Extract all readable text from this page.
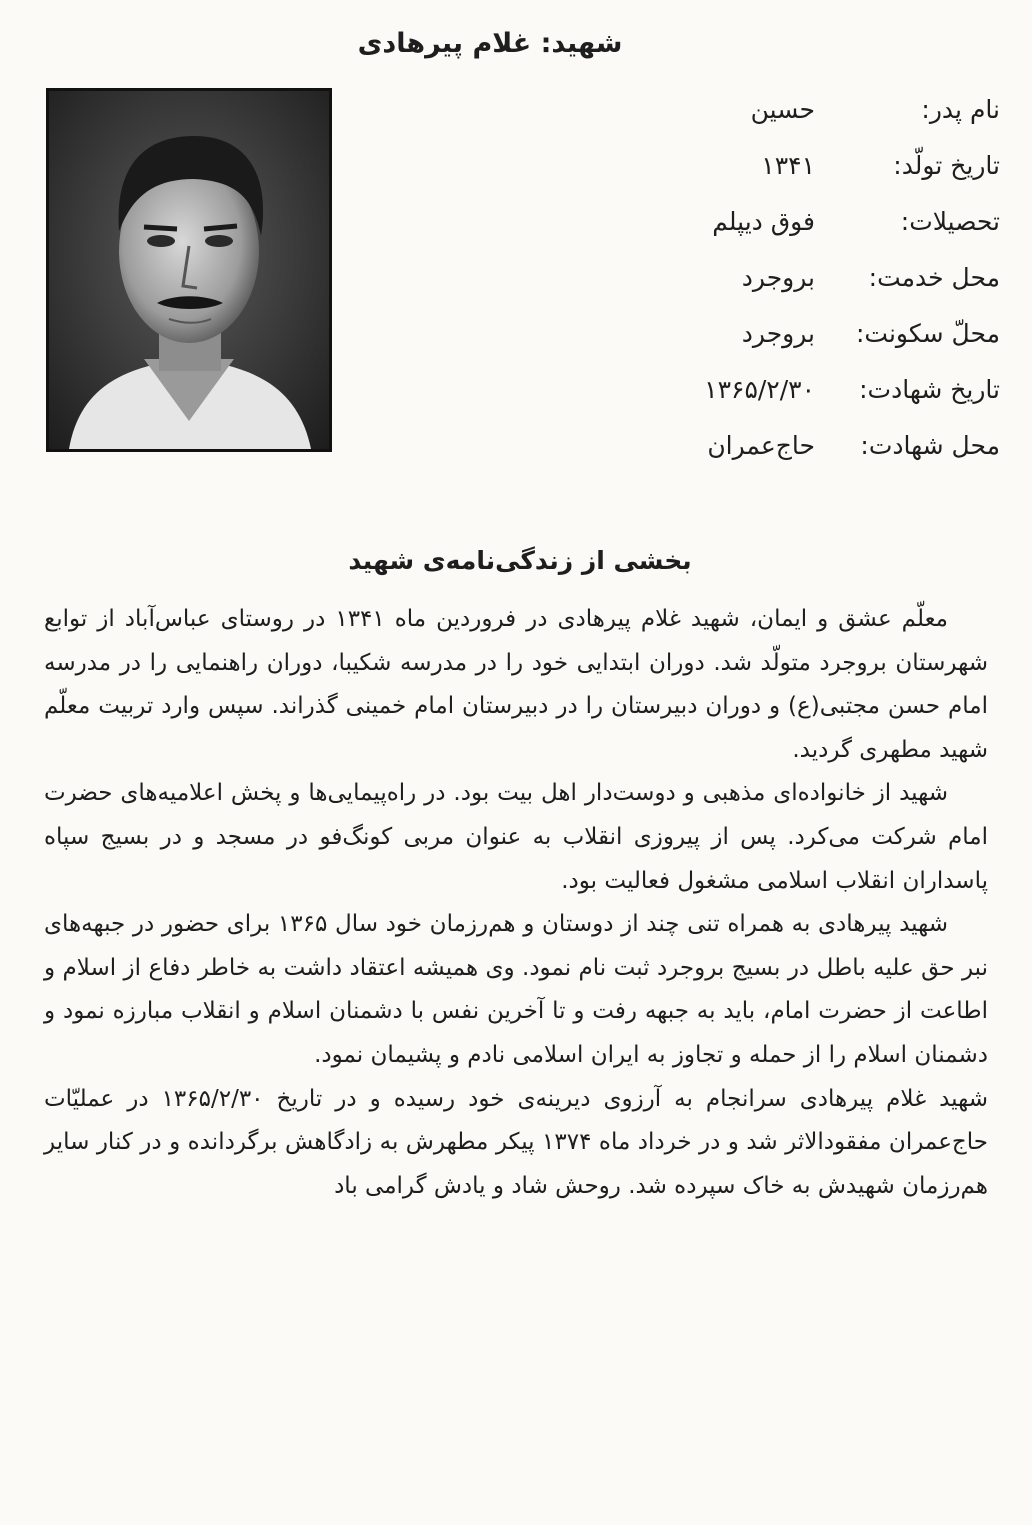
شهید: غلام پیرهادی
نام پدر:حسین
تاریخ تولّد:۱۳۴۱
تحصیلات:فوق دیپلم
محل خدمت:بروجرد
محلّ سکونت:بروجرد
تاریخ شهادت:۱۳۶۵/۲/۳۰
محل شهادت:حاج‌عمران
بخشی از زندگی‌نامه‌ی شهید

معلّم عشق و ایمان، شهید غلام پیرهادی در فروردین ماه ۱۳۴۱ در روستای عباس‌آباد از توابع شهرستان بروجرد متولّد شد. دوران ابتدایی خود را در مدرسه شکیبا، دوران راهنمایی را در مدرسه امام حسن مجتبی(ع) و دوران دبیرستان را در دبیرستان امام خمینی گذراند. سپس وارد تربیت معلّم شهید مطهری گردید.

شهید از خانواده‌ای مذهبی و دوست‌دار اهل بیت بود. در راه‌پیمایی‌ها و پخش اعلامیه‌های حضرت امام شرکت می‌کرد. پس از پیروزی انقلاب به عنوان مربی کونگ‌فو در مسجد و در بسیج سپاه پاسداران انقلاب اسلامی مشغول فعالیت بود.

شهید پیرهادی به همراه تنی چند از دوستان و هم‌رزمان خود سال ۱۳۶۵ برای حضور در جبهه‌های نبر حق علیه باطل در بسیج بروجرد ثبت نام نمود. وی همیشه اعتقاد داشت به خاطر دفاع از اسلام و اطاعت از حضرت امام، باید به جبهه رفت و تا آخرین نفس با دشمنان اسلام و انقلاب مبارزه نمود و دشمنان اسلام را از حمله و تجاوز به ایران اسلامی نادم و پشیمان نمود.

شهید غلام پیرهادی سرانجام به آرزوی دیرینه‌ی خود رسیده و در تاریخ ۱۳۶۵/۲/۳۰ در عملیّات حاج‌عمران مفقودالاثر شد و در خرداد ماه ۱۳۷۴ پیکر مطهرش به زادگاهش برگردانده و در کنار سایر هم‌رزمان شهیدش به خاک سپرده شد. روحش شاد و یادش گرامی باد
